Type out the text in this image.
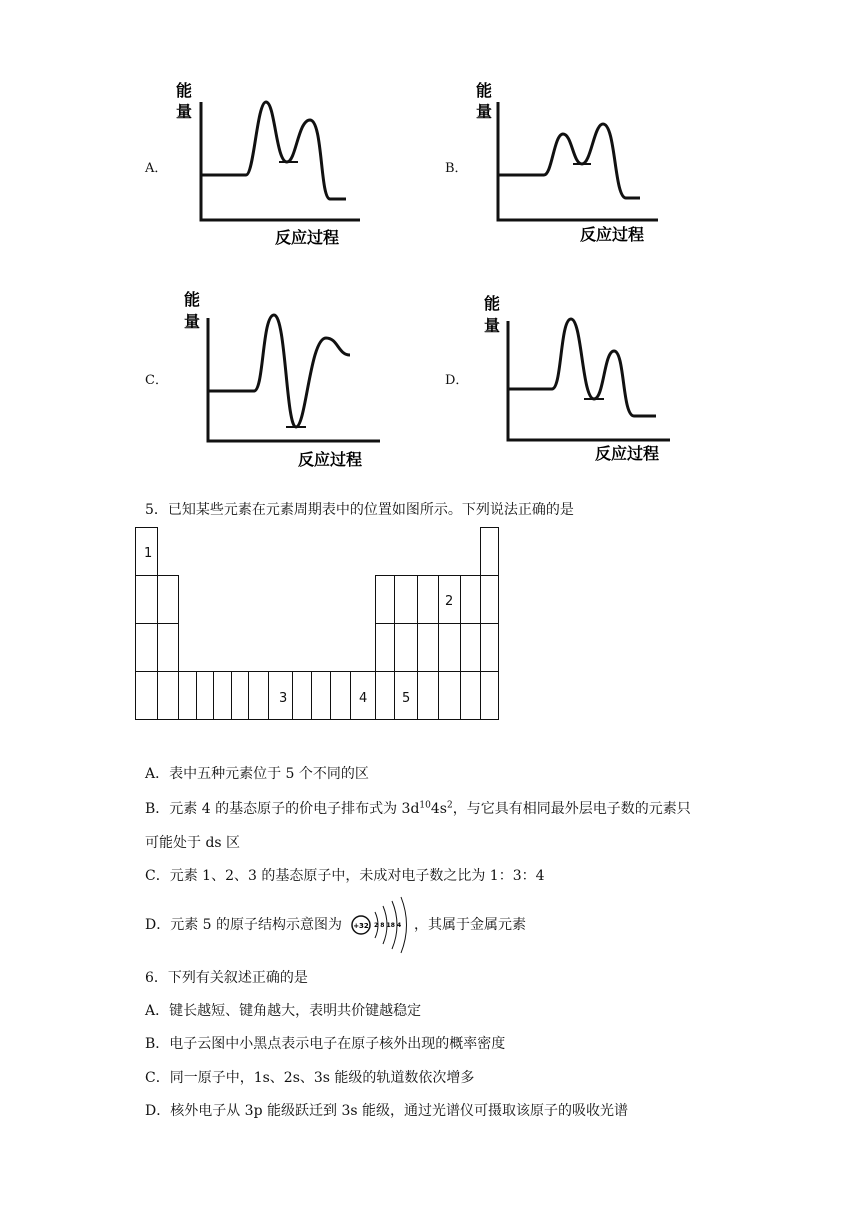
A．	B．
C．	D．
能
量
反应过程
能
量
反应过程
能
量
反应过程
能
量
反应过程
5．已知某些元素在元素周期表中的位置如图所示。下列说法正确的是
1
2
3	4	5
A．表中五种元素位于 5 个不同的区
B．元素 4 的基态原子的价电子排布式为 $3d^{10}4s^2$，与它具有相同最外层电子数的元素只
可能处于 ds 区
C．元素 1、2、3 的基态原子中，未成对电子数之比为 1：3：4
D．元素 5 的原子结构示意图为 +32 2 8 18 4 ，其属于金属元素
6．下列有关叙述正确的是
A．键长越短、键角越大，表明共价键越稳定
B．电子云图中小黑点表示电子在原子核外出现的概率密度
C．同一原子中，1s、2s、3s 能级的轨道数依次增多
D．核外电子从 3p 能级跃迁到 3s 能级，通过光谱仪可摄取该原子的吸收光谱
